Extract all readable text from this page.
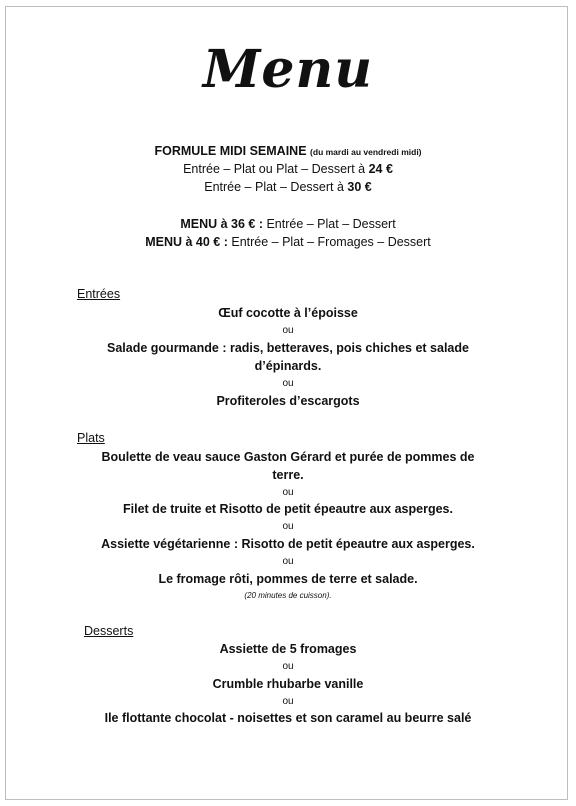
Menu
FORMULE MIDI SEMAINE (du mardi au vendredi midi)
Entrée – Plat ou Plat – Dessert à 24 €
Entrée – Plat – Dessert à 30 €
MENU à 36 € : Entrée – Plat – Dessert
MENU à 40 € : Entrée – Plat – Fromages – Dessert
Entrées
Œuf cocotte à l’époisse
ou
Salade gourmande : radis, betteraves, pois chiches et salade
d’épinards.
ou
Profiteroles d’escargots
Plats
Boulette de veau sauce Gaston Gérard et purée de pommes de
terre.
ou
Filet de truite et Risotto de petit épeautre aux asperges.
ou
Assiette végétarienne : Risotto de petit épeautre aux asperges.
ou
Le fromage rôti, pommes de terre et salade.
(20 minutes de cuisson).
Desserts
Assiette de 5 fromages
ou
Crumble rhubarbe vanille
ou
Ile flottante chocolat - noisettes et son caramel au beurre salé
